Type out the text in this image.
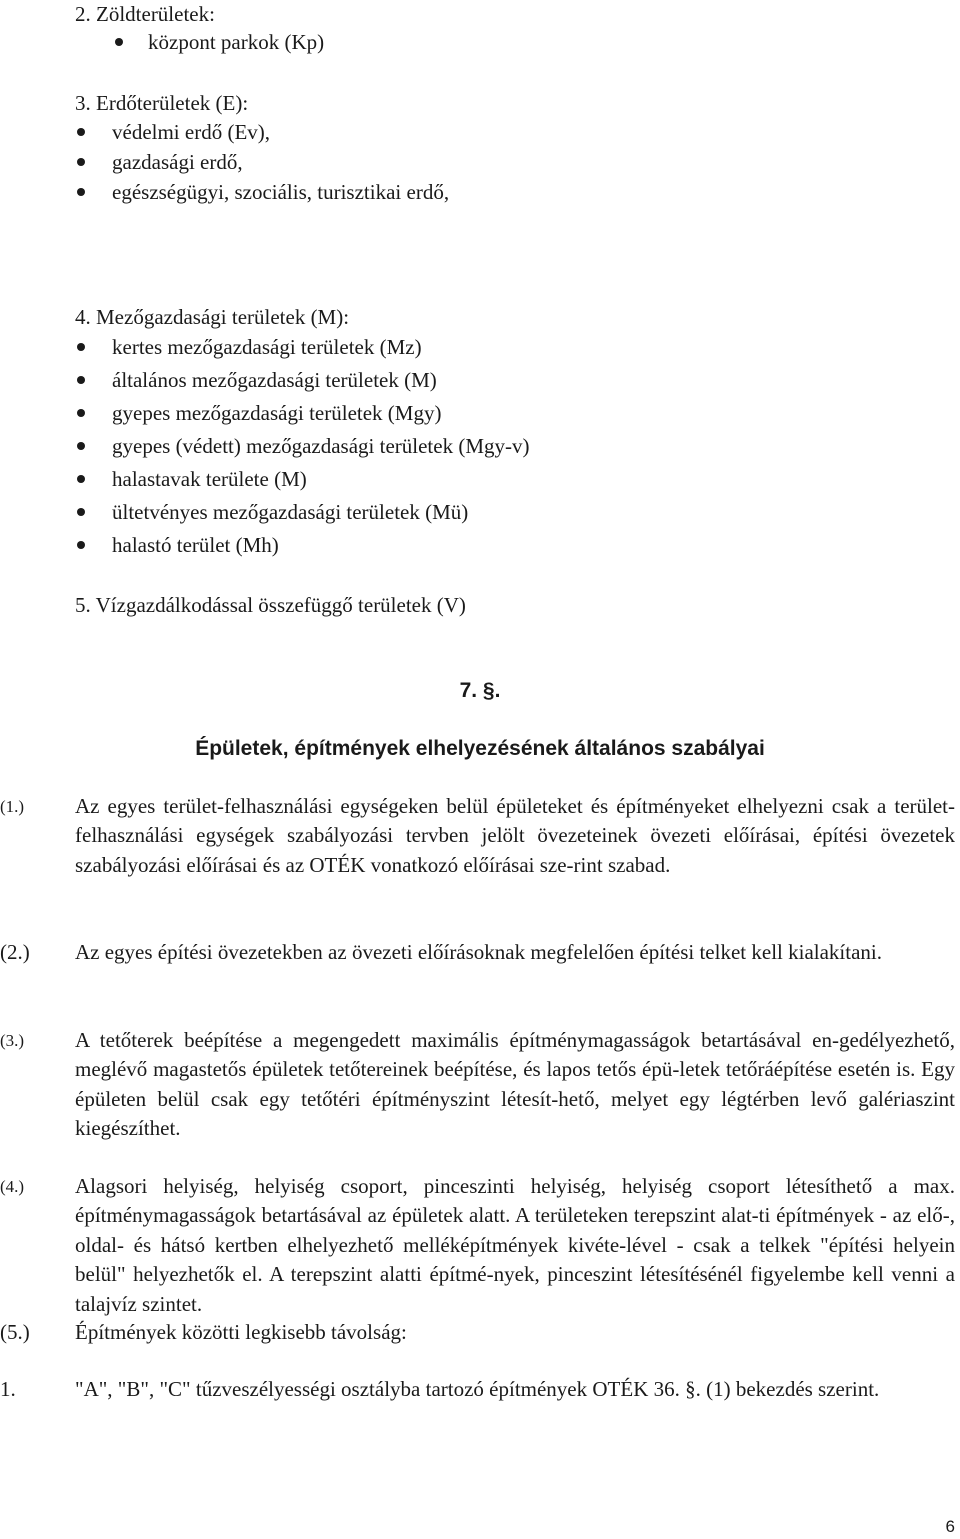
2. Zöldterületek:

központ parkok (Kp)

3. Erdőterületek (E):

védelmi erdő (Ev),

gazdasági erdő,

egészségügyi, szociális, turisztikai erdő,

4. Mezőgazdasági területek (M):

kertes mezőgazdasági területek (Mz)

általános mezőgazdasági területek (M)

gyepes mezőgazdasági területek (Mgy)

gyepes (védett) mezőgazdasági területek (Mgy-v)

halastavak területe (M)

ültetvényes mezőgazdasági területek (Mü)

halastó terület (Mh)

5. Vízgazdálkodással összefüggő területek (V)

7. §.

Épületek, építmények elhelyezésének általános szabályai

(1.) Az egyes terület-felhasználási egységeken belül épületeket és építményeket elhelyezni csak a terület-felhasználási egységek szabályozási tervben jelölt övezeteinek övezeti előírásai, építési övezetek szabályozási előírásai és az OTÉK vonatkozó előírásai sze-rint szabad.

(2.) Az egyes építési övezetekben az övezeti előírásoknak megfelelően építési telket kell kialakítani.

(3.) A tetőterek beépítése a megengedett maximális építménymagasságok betartásával en-gedélyezhető, meglévő magastetős épületek tetőtereinek beépítése, és lapos tetős épü-letek tetőráépítése esetén is. Egy épületen belül csak egy tetőtéri építményszint létesít-hető, melyet egy légtérben levő galériaszint kiegészíthet.

(4.) Alagsori helyiség, helyiség csoport, pinceszinti helyiség, helyiség csoport létesíthető a max. építménymagasságok betartásával az épületek alatt. A területeken terepszint alat-ti építmények - az elő-, oldal- és hátsó kertben elhelyezhető melléképítmények kivéte-lével - csak a telkek "építési helyein belül" helyezhetők el. A terepszint alatti építmé-nyek, pinceszint létesítésénél figyelembe kell venni a talajvíz szintet.

(5.) Építmények közötti legkisebb távolság:

1.	"A", "B", "C" tűzveszélyességi osztályba tartozó építmények OTÉK 36. §. (1) bekezdés szerint.

6
